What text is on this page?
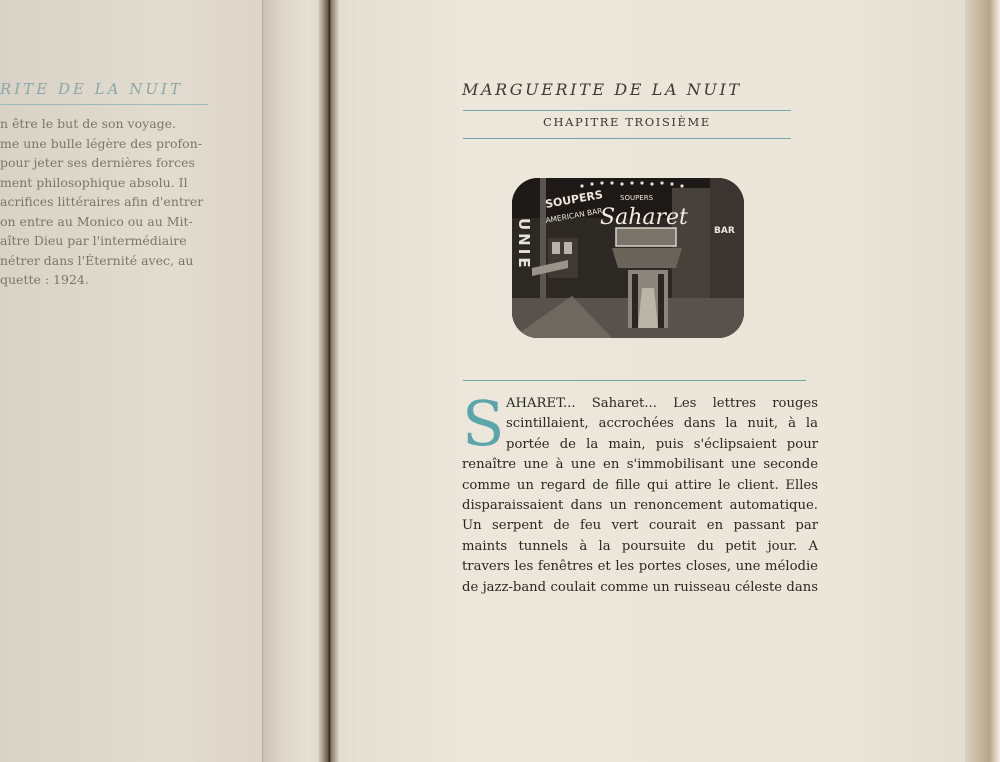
RITE DE LA NUIT
n être le but de son voyage.
me une bulle légère des profon-
pour jeter ses dernières forces
ment philosophique absolu. Il
acrifices littéraires afin d'entrer
on entre au Monico ou au Mit-
aître Dieu par l'intermédiaire
nétrer dans l'Éternité avec, au
quette : 1924.
MARGUERITE DE LA NUIT
CHAPITRE TROISIÈME
UNIE
SOUPERS
AMERICAN BAR
SOUPERS
Saharet
BAR
S AHARET... Saharet... Les lettres rouges
scintillaient, accrochées dans la nuit, à la
portée de la main, puis s'éclipsaient pour
renaître une à une en s'immobilisant une seconde
comme un regard de fille qui attire le client. Elles
disparaissaient dans un renoncement automatique.
Un serpent de feu vert courait en passant par
maints tunnels à la poursuite du petit jour. A
travers les fenêtres et les portes closes, une mélodie
de jazz-band coulait comme un ruisseau céleste dans
